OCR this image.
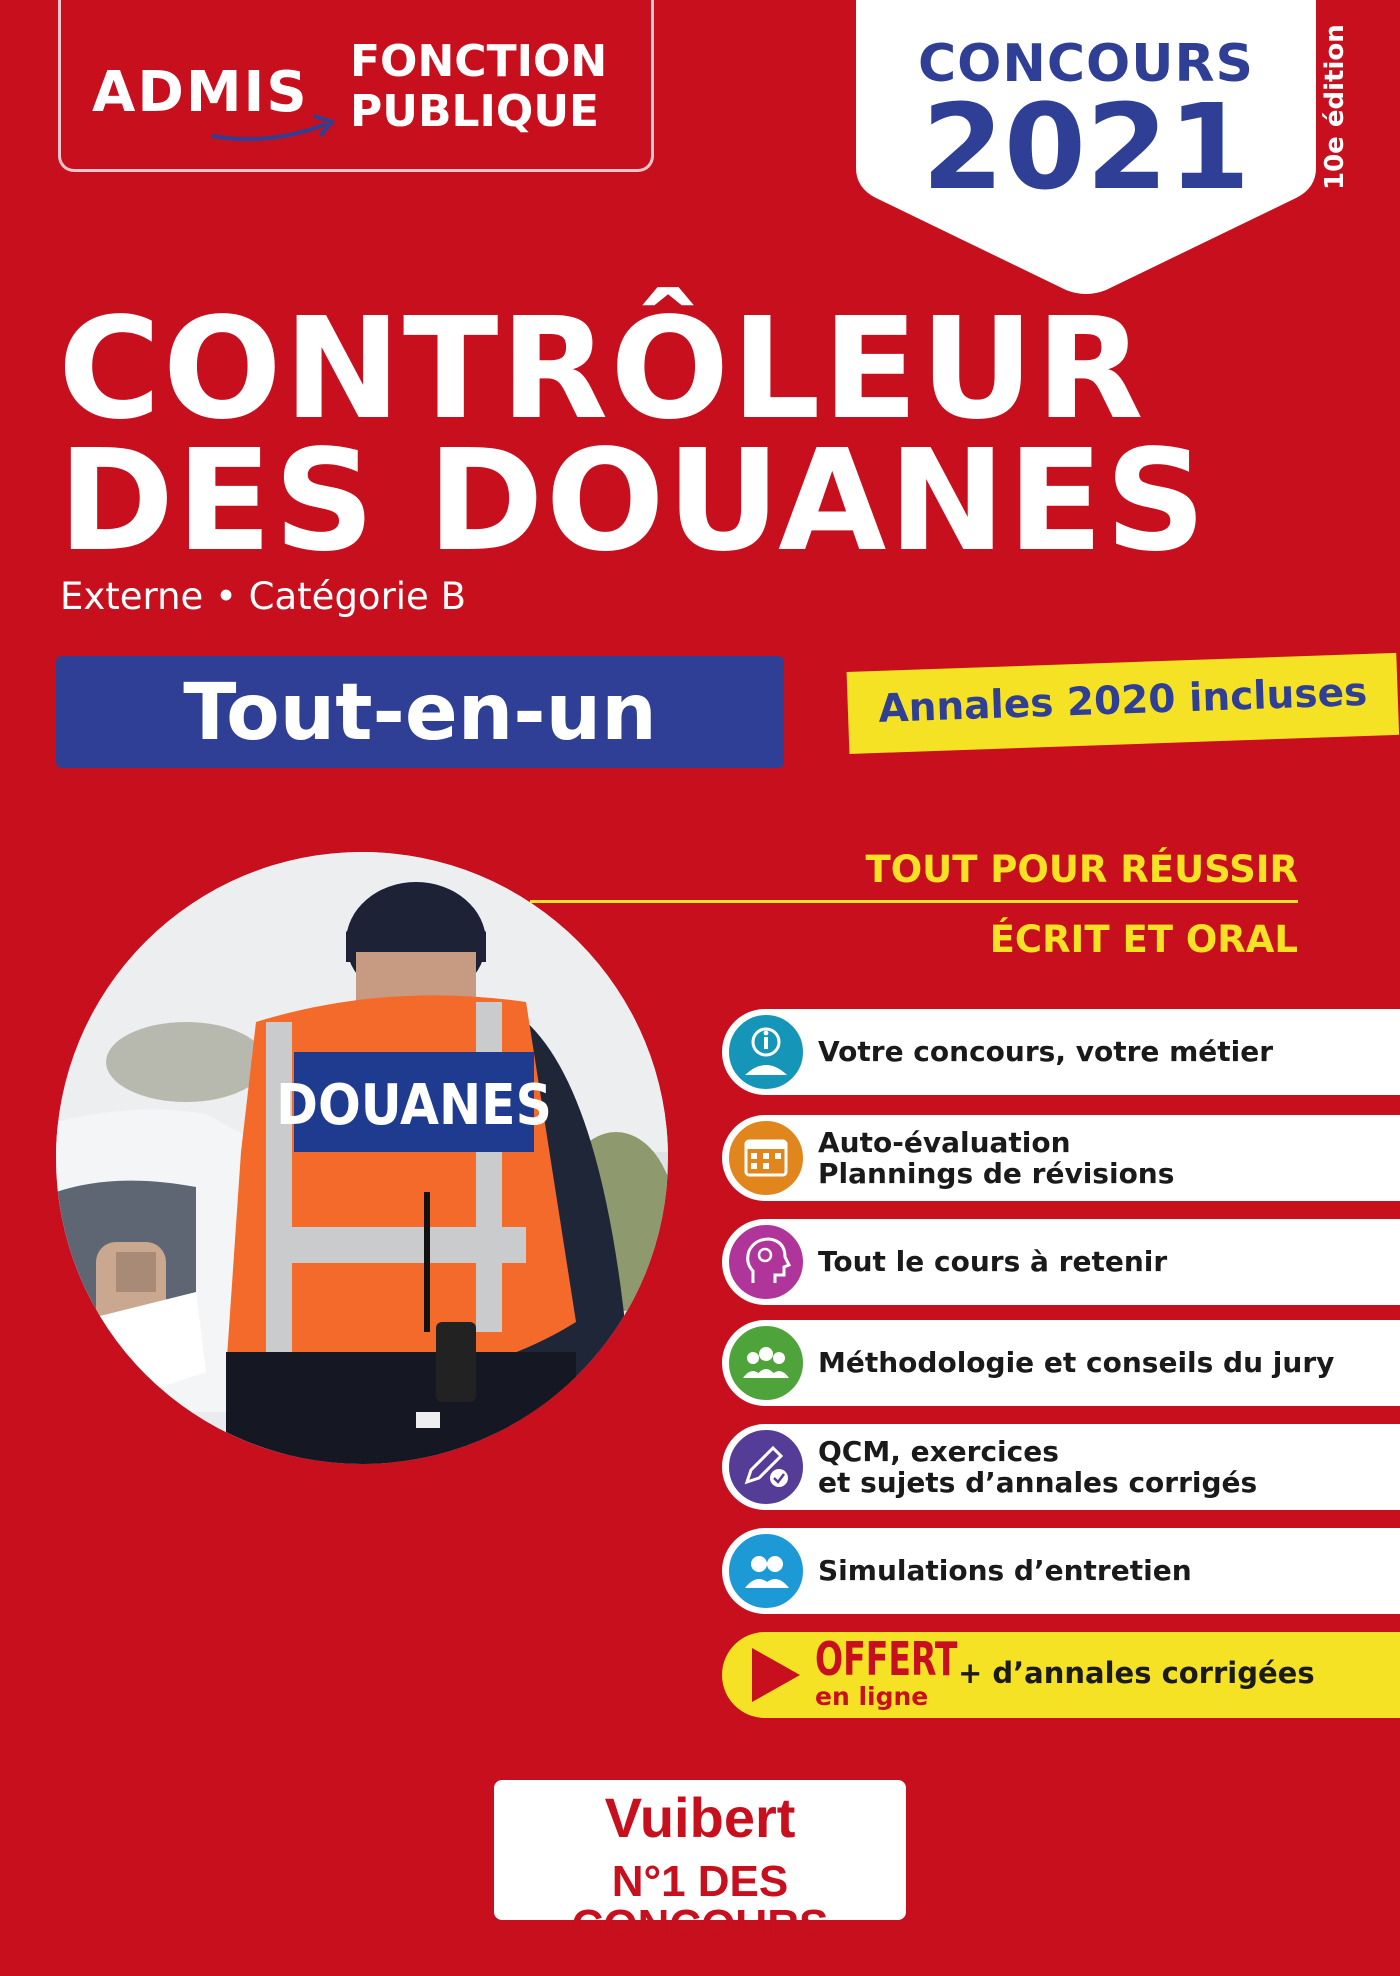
ADMIS FONCTION
PUBLIQUE
CONCOURS
2021	10e édition
CONTRÔLEUR
DES DOUANES
Externe • Catégorie B
Tout-en-un	Annales 2020 incluses
TOUT POUR RÉUSSIR
ÉCRIT ET ORAL
DOUANES
Votre concours, votre métier
Auto-évaluation
Plannings de révisions
Tout le cours à retenir
Méthodologie et conseils du jury
QCM, exercices
et sujets d’annales corrigés
Simulations d’entretien
OFFERT
en ligne
+ d’annales corrigées
Vuibert
N°1 DES CONCOURS
